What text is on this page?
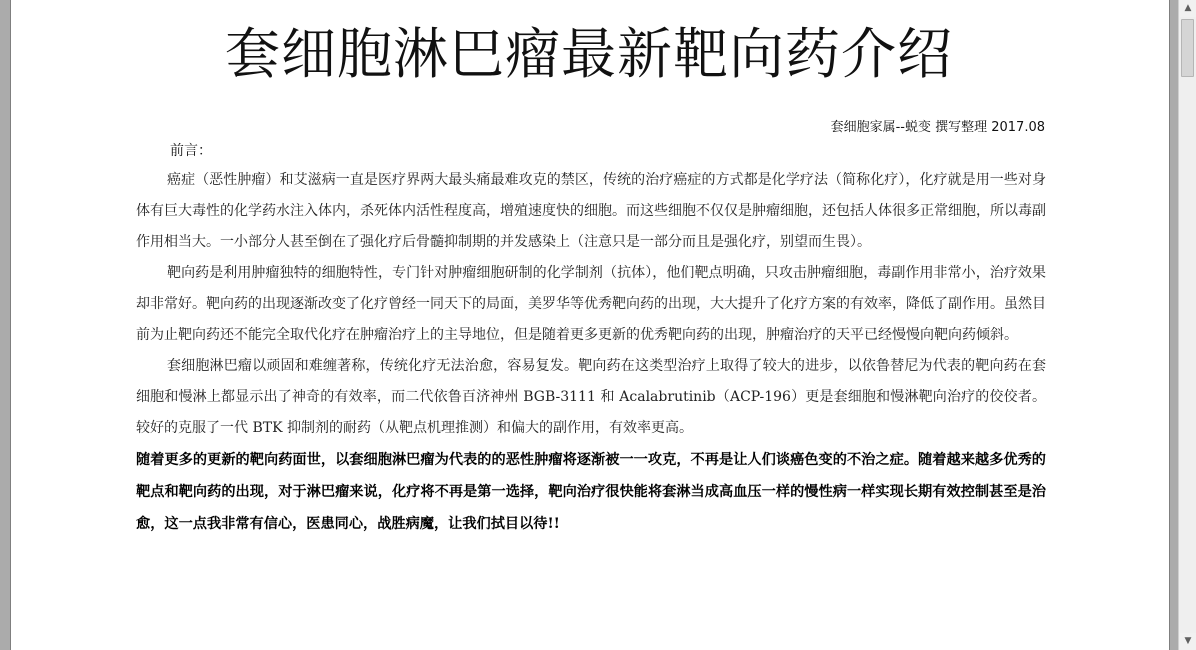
▲
▼
套细胞淋巴瘤最新靶向药介绍
套细胞家属--蜕变 撰写整理 2017.08
前言：

癌症（恶性肿瘤）和艾滋病一直是医疗界两大最头痛最难攻克的禁区，传统的治疗癌症的方式都是化学疗法（简称化疗），化疗就是用一些对身体有巨大毒性的化学药水注入体内，杀死体内活性程度高，增殖速度快的细胞。而这些细胞不仅仅是肿瘤细胞，还包括人体很多正常细胞，所以毒副作用相当大。一小部分人甚至倒在了强化疗后骨髓抑制期的并发感染上（注意只是一部分而且是强化疗，别望而生畏）。

靶向药是利用肿瘤独特的细胞特性，专门针对肿瘤细胞研制的化学制剂（抗体），他们靶点明确，只攻击肿瘤细胞，毒副作用非常小，治疗效果却非常好。靶向药的出现逐渐改变了化疗曾经一同天下的局面，美罗华等优秀靶向药的出现，大大提升了化疗方案的有效率，降低了副作用。虽然目前为止靶向药还不能完全取代化疗在肿瘤治疗上的主导地位，但是随着更多更新的优秀靶向药的出现，肿瘤治疗的天平已经慢慢向靶向药倾斜。

套细胞淋巴瘤以顽固和难缠著称，传统化疗无法治愈，容易复发。靶向药在这类型治疗上取得了较大的进步，以依鲁替尼为代表的靶向药在套细胞和慢淋上都显示出了神奇的有效率，而二代依鲁百济神州 BGB-3111 和 Acalabrutinib（ACP-196）更是套细胞和慢淋靶向治疗的佼佼者。较好的克服了一代 BTK 抑制剂的耐药（从靶点机理推测）和偏大的副作用，有效率更高。

随着更多的更新的靶向药面世，以套细胞淋巴瘤为代表的的恶性肿瘤将逐渐被一一攻克，不再是让人们谈癌色变的不治之症。随着越来越多优秀的靶点和靶向药的出现，对于淋巴瘤来说，化疗将不再是第一选择，靶向治疗很快能将套淋当成高血压一样的慢性病一样实现长期有效控制甚至是治愈，这一点我非常有信心，医患同心，战胜病魔，让我们拭目以待!!
